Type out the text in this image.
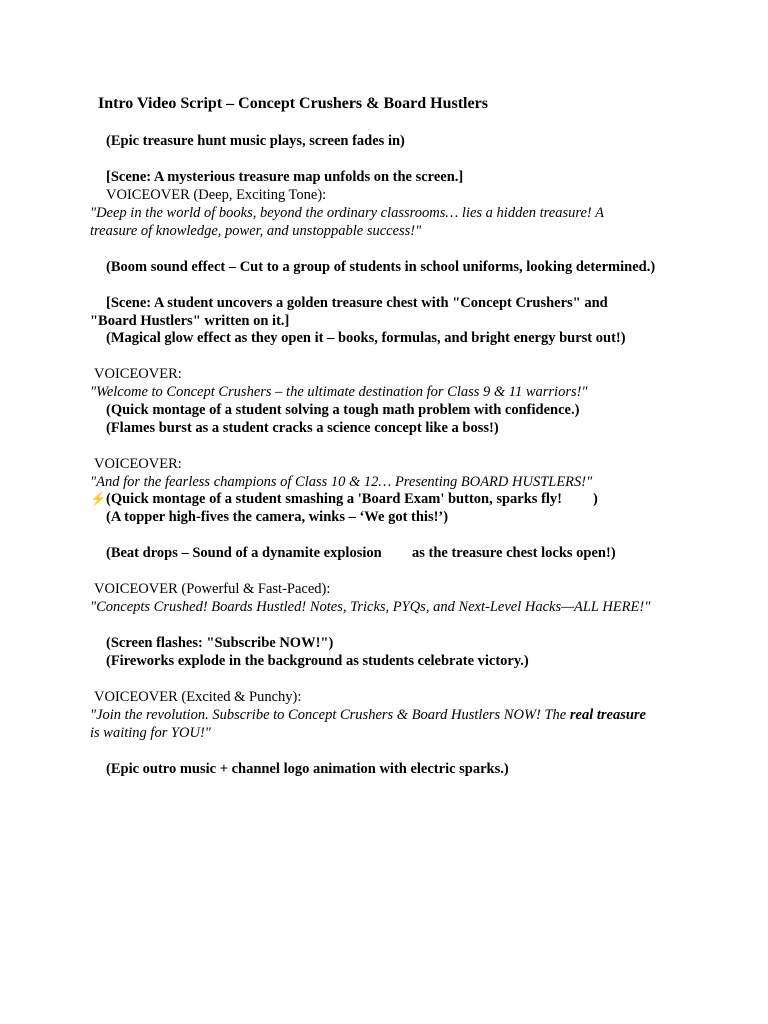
Intro Video Script – Concept Crushers & Board Hustlers
(Epic treasure hunt music plays, screen fades in)
[Scene: A mysterious treasure map unfolds on the screen.]
VOICEOVER (Deep, Exciting Tone):
"Deep in the world of books, beyond the ordinary classrooms… lies a hidden treasure! A
treasure of knowledge, power, and unstoppable success!"
(Boom sound effect – Cut to a group of students in school uniforms, looking determined.)
[Scene: A student uncovers a golden treasure chest with "Concept Crushers" and
"Board Hustlers" written on it.]
(Magical glow effect as they open it – books, formulas, and bright energy burst out!)
VOICEOVER:
"Welcome to Concept Crushers – the ultimate destination for Class 9 & 11 warriors!"
(Quick montage of a student solving a tough math problem with confidence.)
(Flames burst as a student cracks a science concept like a boss!)
VOICEOVER:
"And for the fearless champions of Class 10 & 12… Presenting BOARD HUSTLERS!"
⚡ (Quick montage of a student smashing a 'Board Exam' button, sparks fly! )
(A topper high-fives the camera, winks – ‘We got this!’)
(Beat drops – Sound of a dynamite explosion as the treasure chest locks open!)
VOICEOVER (Powerful & Fast-Paced):
"Concepts Crushed! Boards Hustled! Notes, Tricks, PYQs, and Next-Level Hacks—ALL HERE!"
(Screen flashes: "Subscribe NOW!")
(Fireworks explode in the background as students celebrate victory.)
VOICEOVER (Excited & Punchy):
"Join the revolution. Subscribe to Concept Crushers & Board Hustlers NOW! The real treasure
is waiting for YOU!"
(Epic outro music + channel logo animation with electric sparks.)
